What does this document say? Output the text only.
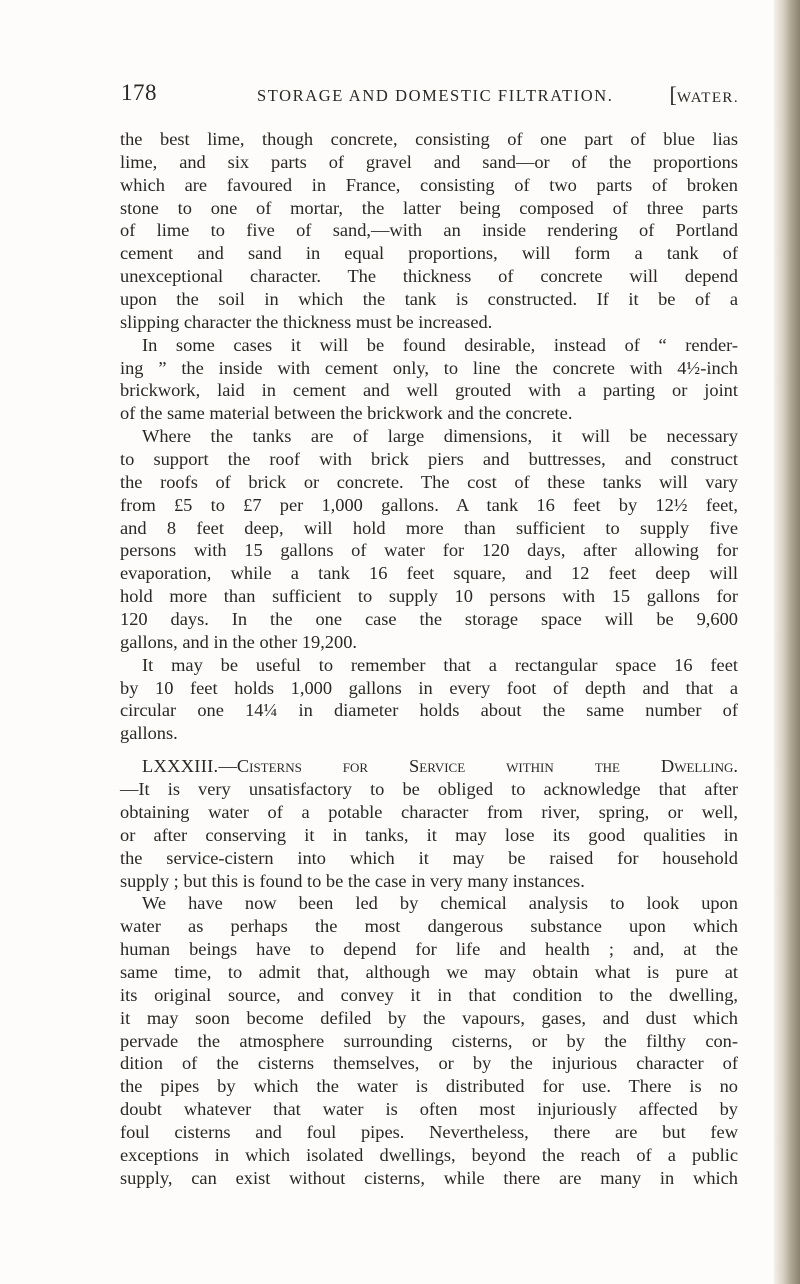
178	STORAGE AND DOMESTIC FILTRATION.	[WATER.
the best lime, though concrete, consisting of one part of blue lias
lime, and six parts of gravel and sand—or of the proportions
which are favoured in France, consisting of two parts of broken
stone to one of mortar, the latter being composed of three parts
of lime to five of sand,—with an inside rendering of Portland
cement and sand in equal proportions, will form a tank of
unexceptional character. The thickness of concrete will depend
upon the soil in which the tank is constructed. If it be of a
slipping character the thickness must be increased.
In some cases it will be found desirable, instead of “ render-
ing ” the inside with cement only, to line the concrete with 4½-inch
brickwork, laid in cement and well grouted with a parting or joint
of the same material between the brickwork and the concrete.
Where the tanks are of large dimensions, it will be necessary
to support the roof with brick piers and buttresses, and construct
the roofs of brick or concrete. The cost of these tanks will vary
from £5 to £7 per 1,000 gallons. A tank 16 feet by 12½ feet,
and 8 feet deep, will hold more than sufficient to supply five
persons with 15 gallons of water for 120 days, after allowing for
evaporation, while a tank 16 feet square, and 12 feet deep will
hold more than sufficient to supply 10 persons with 15 gallons for
120 days. In the one case the storage space will be 9,600
gallons, and in the other 19,200.
It may be useful to remember that a rectangular space 16 feet
by 10 feet holds 1,000 gallons in every foot of depth and that a
circular one 14¼ in diameter holds about the same number of
gallons.
LXXXIII.—Cisterns for Service within the Dwelling.
—It is very unsatisfactory to be obliged to acknowledge that after
obtaining water of a potable character from river, spring, or well,
or after conserving it in tanks, it may lose its good qualities in
the service-cistern into which it may be raised for household
supply ; but this is found to be the case in very many instances.
We have now been led by chemical analysis to look upon
water as perhaps the most dangerous substance upon which
human beings have to depend for life and health ; and, at the
same time, to admit that, although we may obtain what is pure at
its original source, and convey it in that condition to the dwelling,
it may soon become defiled by the vapours, gases, and dust which
pervade the atmosphere surrounding cisterns, or by the filthy con-
dition of the cisterns themselves, or by the injurious character of
the pipes by which the water is distributed for use. There is no
doubt whatever that water is often most injuriously affected by
foul cisterns and foul pipes. Nevertheless, there are but few
exceptions in which isolated dwellings, beyond the reach of a public
supply, can exist without cisterns, while there are many in which
